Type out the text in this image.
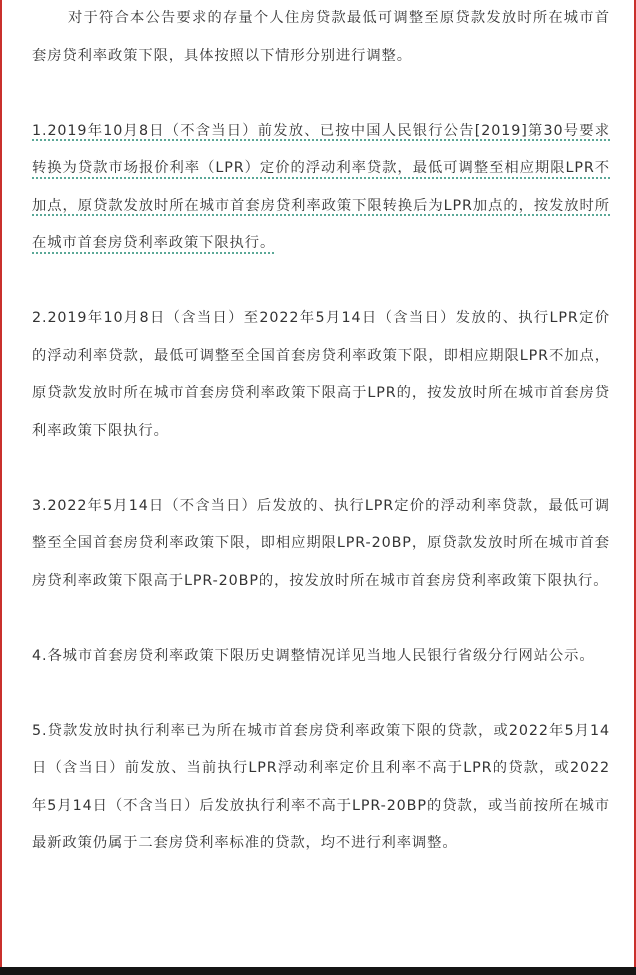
对于符合本公告要求的存量个人住房贷款最低可调整至原贷款发放时所在城市首套房贷利率政策下限，具体按照以下情形分别进行调整。

1.2019年10月8日（不含当日）前发放、已按中国人民银行公告[2019]第30号要求转换为贷款市场报价利率（LPR）定价的浮动利率贷款，最低可调整至相应期限LPR不加点，原贷款发放时所在城市首套房贷利率政策下限转换后为LPR加点的，按发放时所在城市首套房贷利率政策下限执行。

2.2019年10月8日（含当日）至2022年5月14日（含当日）发放的、执行LPR定价的浮动利率贷款，最低可调整至全国首套房贷利率政策下限，即相应期限LPR不加点，原贷款发放时所在城市首套房贷利率政策下限高于LPR的，按发放时所在城市首套房贷利率政策下限执行。

3.2022年5月14日（不含当日）后发放的、执行LPR定价的浮动利率贷款，最低可调整至全国首套房贷利率政策下限，即相应期限LPR-20BP，原贷款发放时所在城市首套房贷利率政策下限高于LPR-20BP的，按发放时所在城市首套房贷利率政策下限执行。

4.各城市首套房贷利率政策下限历史调整情况详见当地人民银行省级分行网站公示。

5.贷款发放时执行利率已为所在城市首套房贷利率政策下限的贷款，或2022年5月14日（含当日）前发放、当前执行LPR浮动利率定价且利率不高于LPR的贷款，或2022年5月14日（不含当日）后发放执行利率不高于LPR-20BP的贷款，或当前按所在城市最新政策仍属于二套房贷利率标准的贷款，均不进行利率调整。
